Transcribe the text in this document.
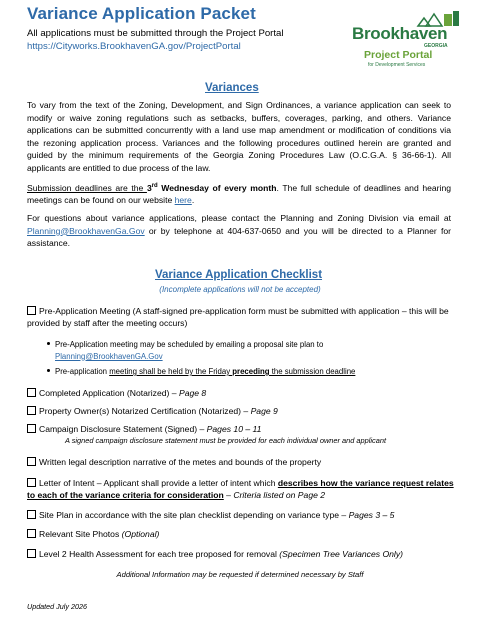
Variance Application Packet
All applications must be submitted through the Project Portal
https://Cityworks.BrookhavenGA.gov/ProjectPortal
Brookhaven
GEORGIA
Project Portal
for Development Services
Variances
To vary from the text of the Zoning, Development, and Sign Ordinances, a variance application can seek to modify or waive zoning regulations such as setbacks, buffers, coverages, parking, and others. Variance applications can be submitted concurrently with a land use map amendment or modification of conditions via the rezoning application process. Variances and the following procedures outlined herein are granted and guided by the minimum requirements of the Georgia Zoning Procedures Law (O.C.G.A. § 36-66-1). All applicants are entitled to due process of the law.
Submission deadlines are the 3rd Wednesday of every month. The full schedule of deadlines and hearing meetings can be found on our website here.
For questions about variance applications, please contact the Planning and Zoning Division via email at Planning@BrookhavenGa.Gov or by telephone at 404-637-0650 and you will be directed to a Planner for assistance.
Variance Application Checklist
(Incomplete applications will not be accepted)
Pre-Application Meeting (A staff-signed pre-application form must be submitted with application – this will be provided by staff after the meeting occurs)
Pre-Application meeting may be scheduled by emailing a proposal site plan to
Planning@BrookhavenGA.Gov
Pre-application meeting shall be held by the Friday preceding the submission deadline
Completed Application (Notarized) – Page 8
Property Owner(s) Notarized Certification (Notarized) – Page 9
Campaign Disclosure Statement (Signed) – Pages 10 – 11
A signed campaign disclosure statement must be provided for each individual owner and applicant
Written legal description narrative of the metes and bounds of the property
Letter of Intent – Applicant shall provide a letter of intent which describes how the variance request relates to each of the variance criteria for consideration – Criteria listed on Page 2
Site Plan in accordance with the site plan checklist depending on variance type – Pages 3 – 5
Relevant Site Photos (Optional)
Level 2 Health Assessment for each tree proposed for removal (Specimen Tree Variances Only)
Additional Information may be requested if determined necessary by Staff
Updated July 2026
